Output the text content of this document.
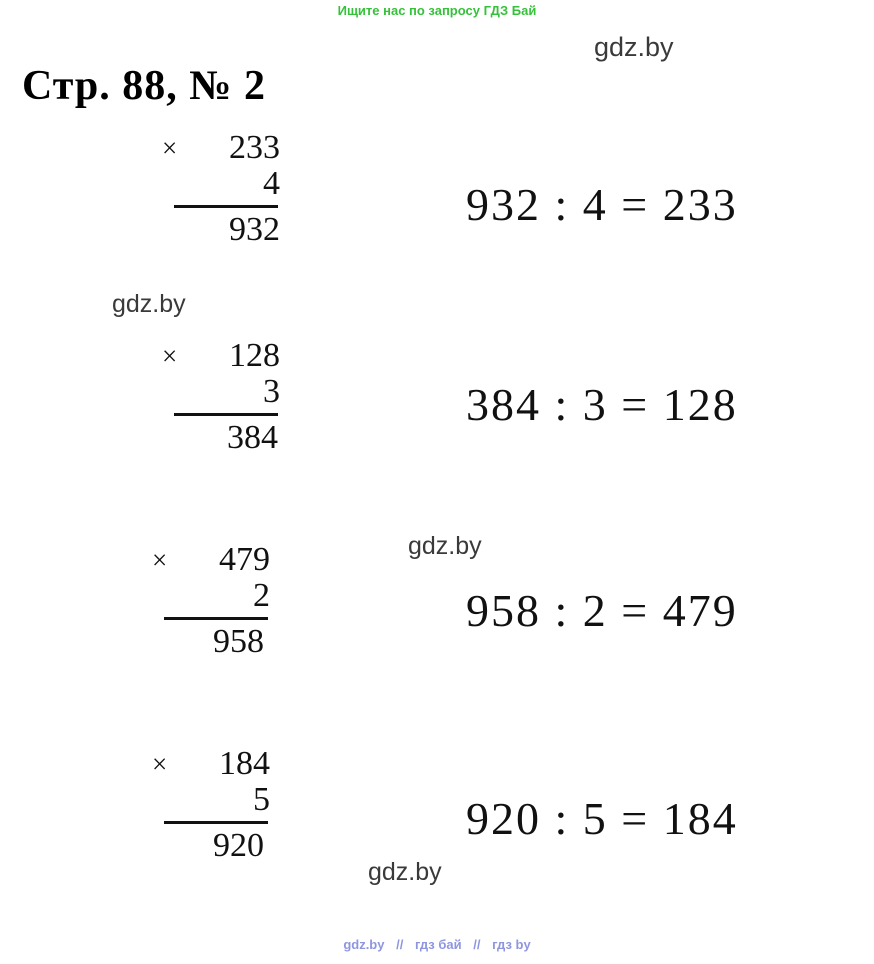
Ищите нас по запросу ГДЗ Бай
gdz.by
gdz.by
gdz.by
gdz.by
Стр. 88, № 2
× 233
4
932	932 : 4 = 233
× 128
3
384
384 : 3 = 128
× 479
2
958
958 : 2 = 479
× 184
5
920
920 : 5 = 184
gdz.by // гдз бай // гдз by
